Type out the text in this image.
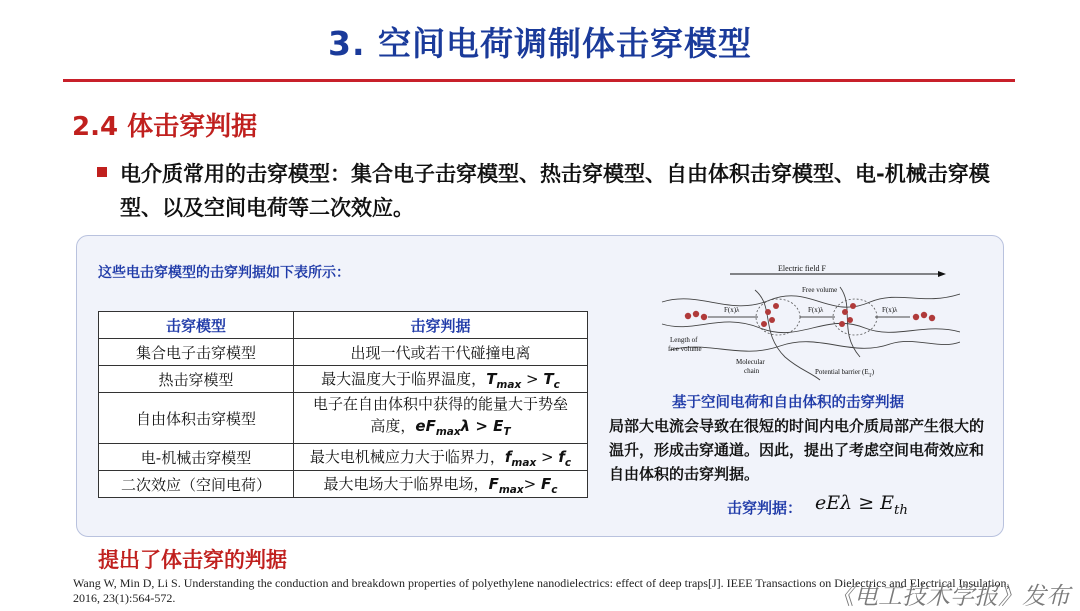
3. 空间电荷调制体击穿模型
2.4 体击穿判据
电介质常用的击穿模型：集合电子击穿模型、热击穿模型、自由体积击穿模型、电-机械击穿模型、以及空间电荷等二次效应。
这些电击穿模型的击穿判据如下表所示：
击穿模型	击穿判据
集合电子击穿模型	出现一代或若干代碰撞电离
热击穿模型	最大温度大于临界温度，$T_{max} > T_c$
自由体积击穿模型	电子在自由体积中获得的能量大于势垒
高度，$eF_{max}\lambda > E_T$
电-机械击穿模型	最大电机械应力大于临界力，$f_{max} > f_c$
二次效应（空间电荷）	最大电场大于临界电场，$F_{max}> F_c$
Electric field F
Free volume
F(x)λ	F(x)λ	F(x)λ
Length of
free volume
Molecular
chain	Potential barrier $(E_T)$
基于空间电荷和自由体积的击穿判据
局部大电流会导致在很短的时间内电介质局部产生很大的温升，形成击穿通道。因此，提出了考虑空间电荷效应和自由体积的击穿判据。
击穿判据： $eE\lambda \ge E_{th}$
提出了体击穿的判据
Wang W, Min D, Li S. Understanding the conduction and breakdown properties of polyethylene nanodielectrics: effect of deep traps[J]. IEEE Transactions on Dielectrics and Electrical Insulation, 2016, 23(1):564-572.	《电工技术学报》发布
